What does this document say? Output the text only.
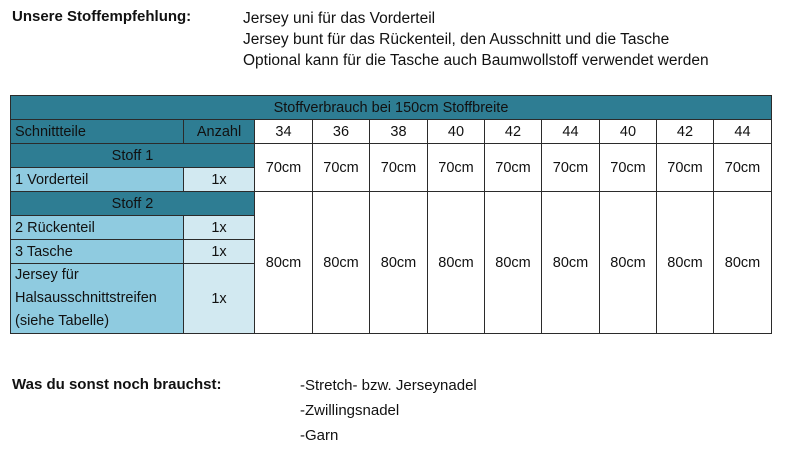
Unsere Stoffempfehlung:	Jersey uni für das Vorderteil
Jersey bunt für das Rückenteil, den Ausschnitt und die Tasche
Optional kann für die Tasche auch Baumwollstoff verwendet werden
Stoffverbrauch bei 150cm Stoffbreite										
Schnittteile	Anzahl	34	36	38	40	42	44	40	42	44
Stoff 1		70cm	70cm	70cm	70cm	70cm	70cm	70cm	70cm	70cm
1 Vorderteil	1x									
Stoff 2		80cm	80cm	80cm	80cm	80cm	80cm	80cm	80cm	80cm
2 Rückenteil	1x									
3 Tasche	1x									

Jersey für
Halsausschnittstreifen
(siehe Tabelle)	1x									
Was du sonst noch brauchst:	-Stretch- bzw. Jerseynadel
-Zwillingsnadel
-Garn
